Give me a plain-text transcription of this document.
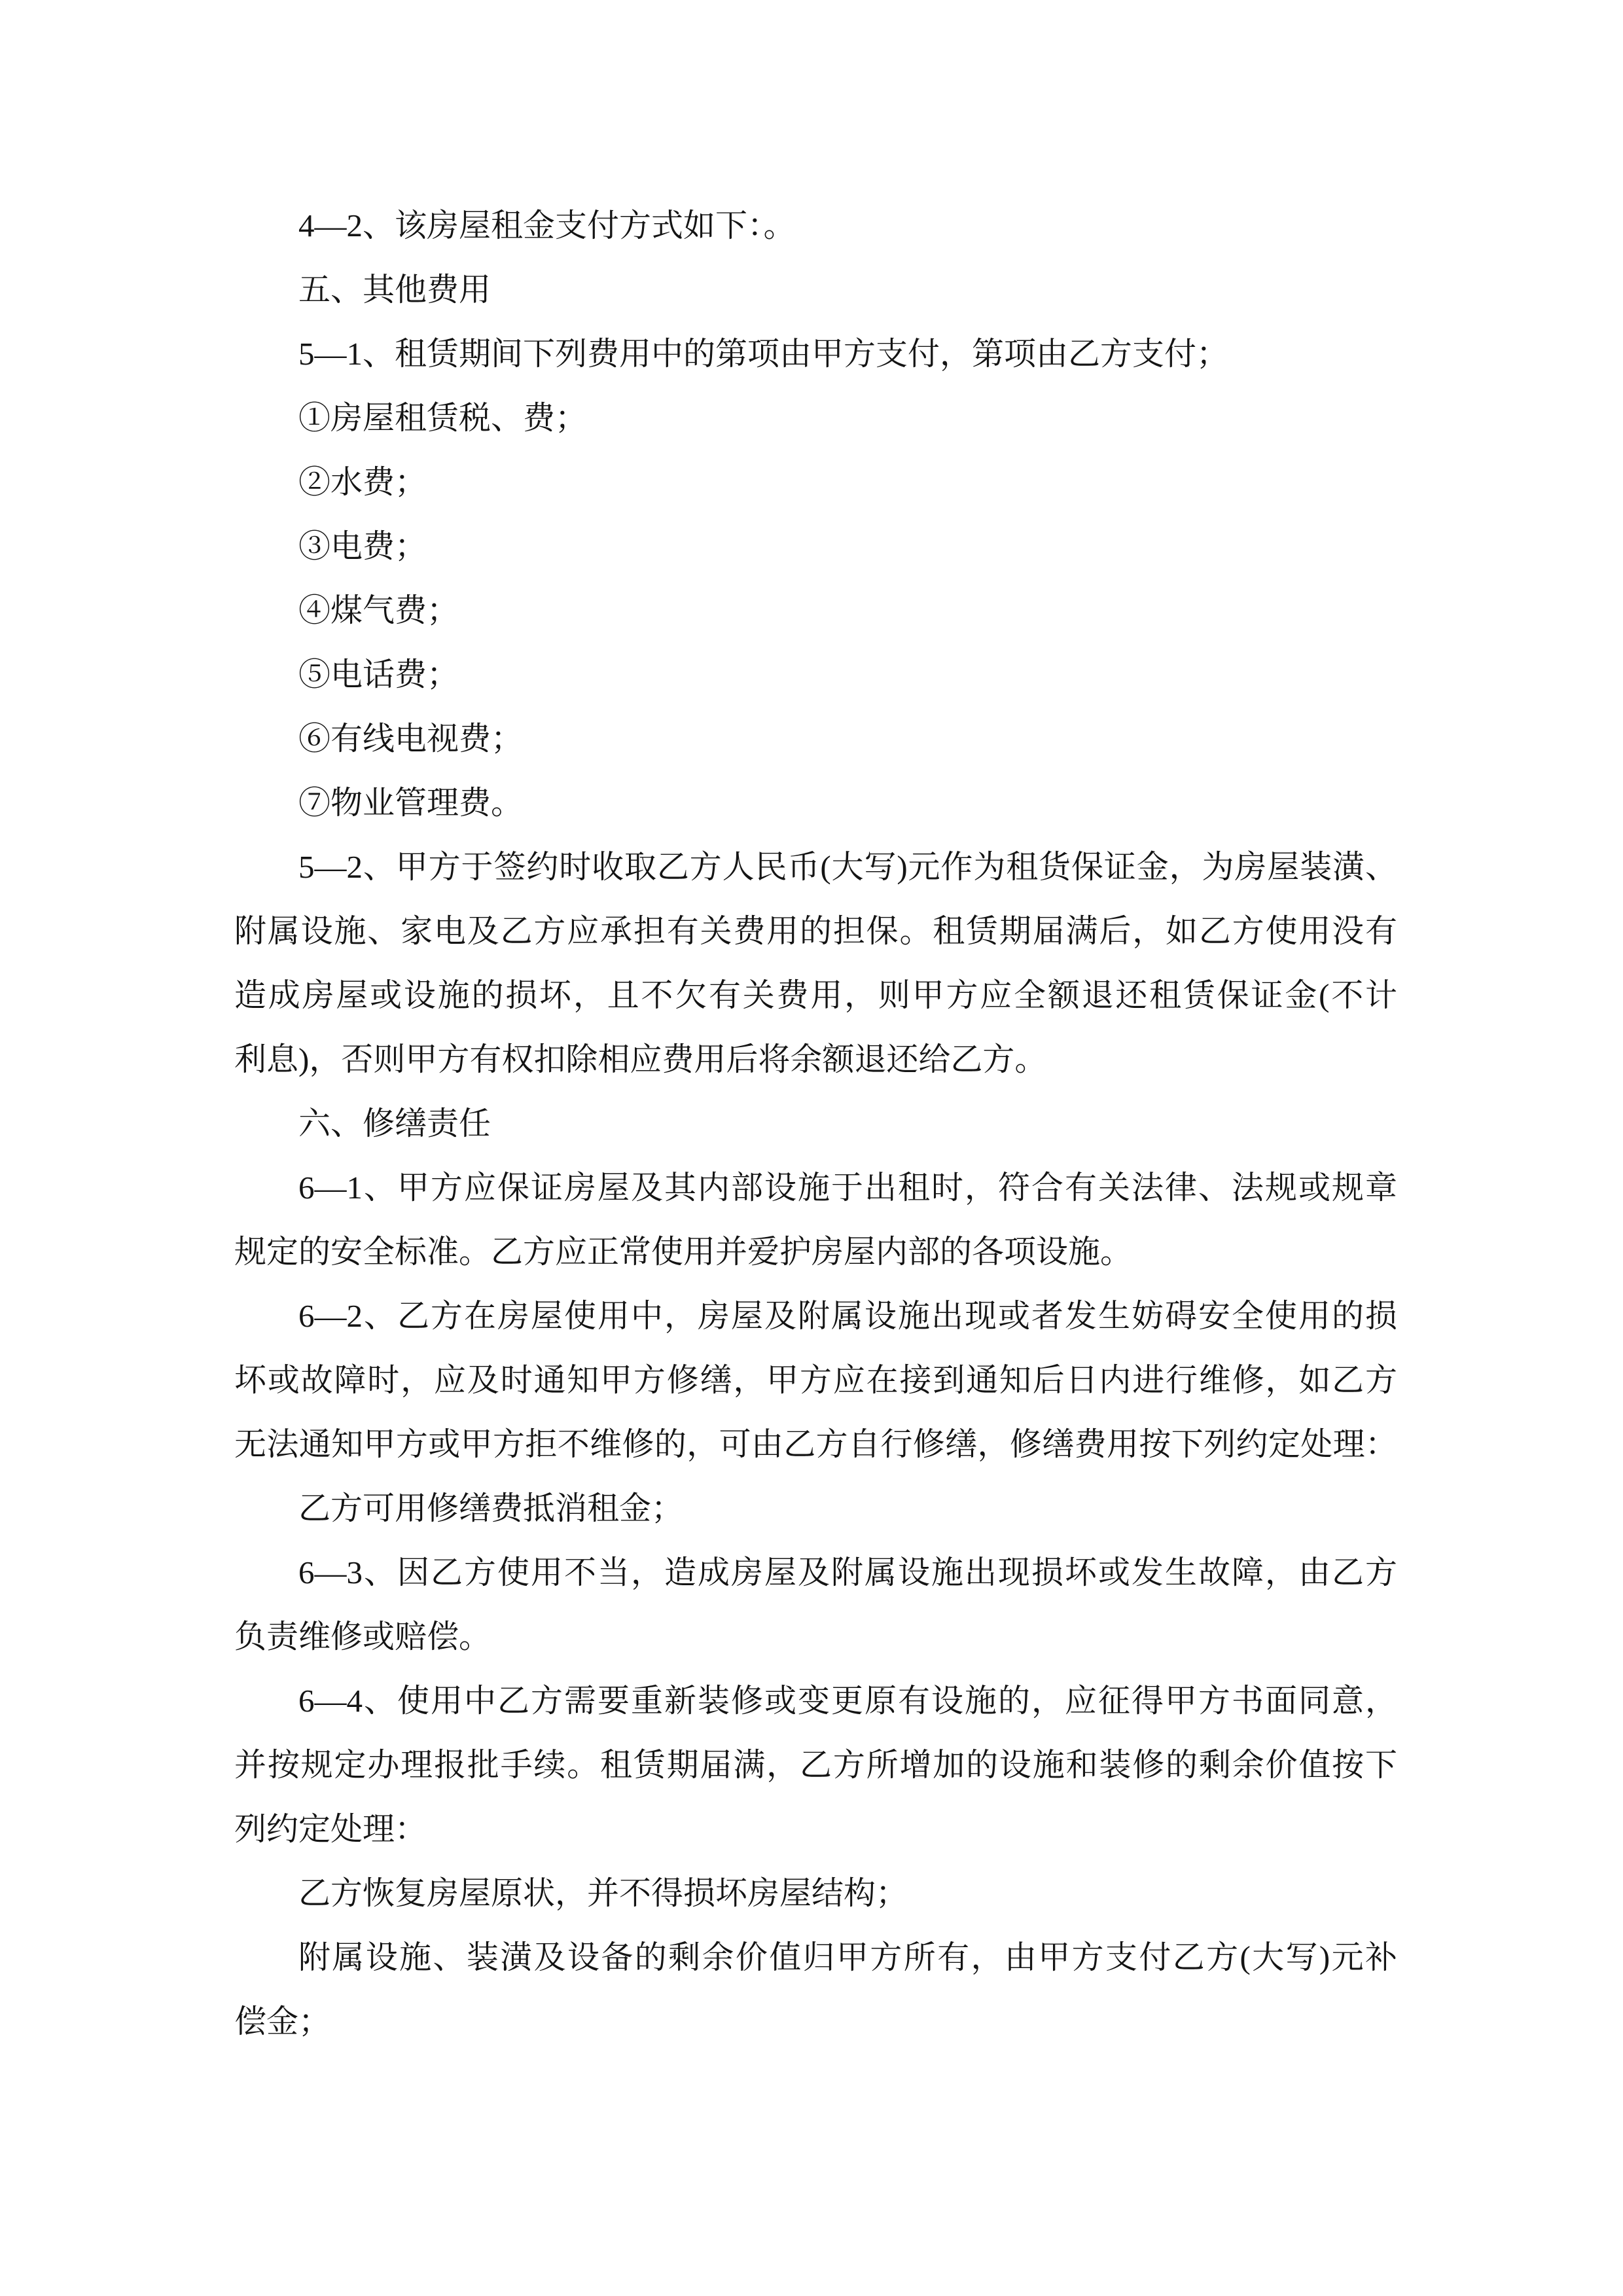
4—2、该房屋租金支付方式如下：。
五、其他费用
5—1、租赁期间下列费用中的第项由甲方支付，第项由乙方支付；
①房屋租赁税、费；
②水费；
③电费；
④煤气费；
⑤电话费；
⑥有线电视费；
⑦物业管理费。
5—2、甲方于签约时收取乙方人民币(大写)元作为租货保证金，为房屋装潢、
附属设施、家电及乙方应承担有关费用的担保。租赁期届满后，如乙方使用没有
造成房屋或设施的损坏，且不欠有关费用，则甲方应全额退还租赁保证金(不计
利息)，否则甲方有权扣除相应费用后将余额退还给乙方。
六、修缮责任
6—1、甲方应保证房屋及其内部设施于出租时，符合有关法律、法规或规章
规定的安全标准。乙方应正常使用并爱护房屋内部的各项设施。
6—2、乙方在房屋使用中，房屋及附属设施出现或者发生妨碍安全使用的损
坏或故障时，应及时通知甲方修缮，甲方应在接到通知后日内进行维修，如乙方
无法通知甲方或甲方拒不维修的，可由乙方自行修缮，修缮费用按下列约定处理：
乙方可用修缮费抵消租金；
6—3、因乙方使用不当，造成房屋及附属设施出现损坏或发生故障，由乙方
负责维修或赔偿。
6—4、使用中乙方需要重新装修或变更原有设施的，应征得甲方书面同意，
并按规定办理报批手续。租赁期届满，乙方所增加的设施和装修的剩余价值按下
列约定处理：
乙方恢复房屋原状，并不得损坏房屋结构；
附属设施、装潢及设备的剩余价值归甲方所有，由甲方支付乙方(大写)元补
偿金；
